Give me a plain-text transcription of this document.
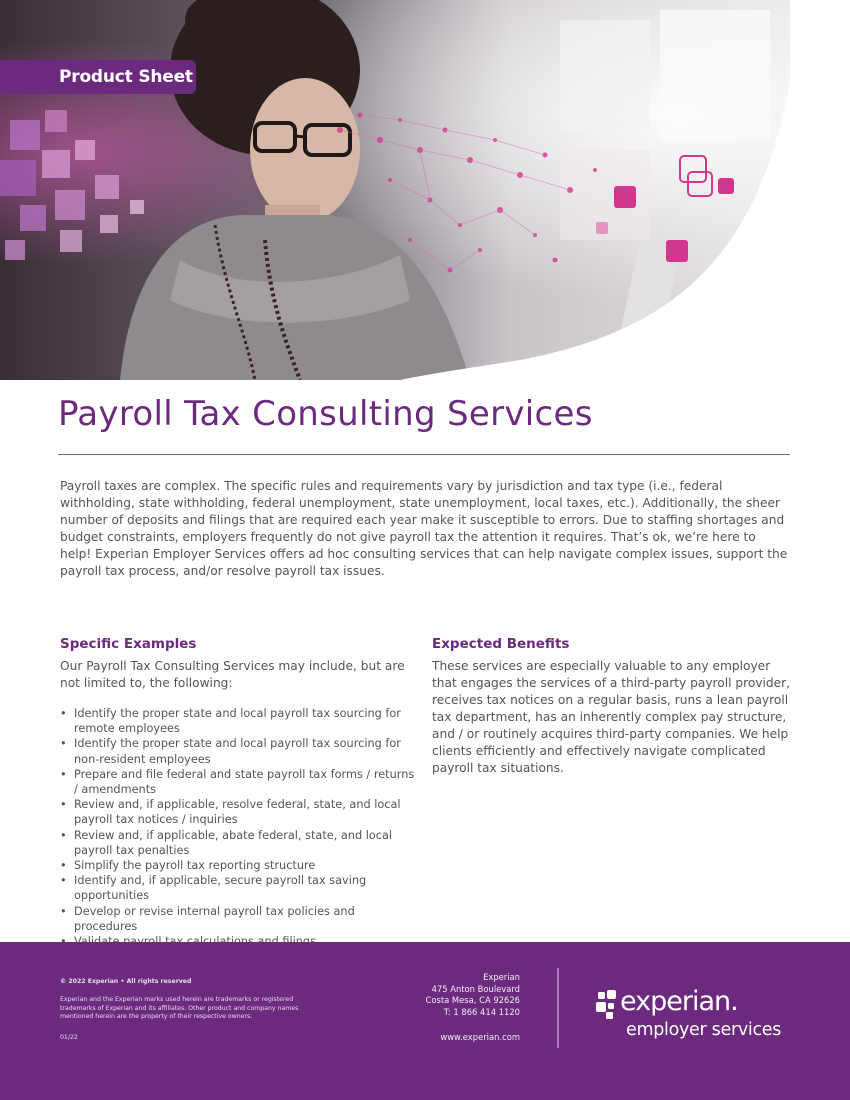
Product Sheet
Payroll Tax Consulting Services

Payroll taxes are complex. The specific rules and requirements vary by jurisdiction and tax type (i.e., federal withholding, state withholding, federal unemployment, state unemployment, local taxes, etc.). Additionally, the sheer number of deposits and filings that are required each year make it susceptible to errors. Due to staffing shortages and budget constraints, employers frequently do not give payroll tax the attention it requires. That’s ok, we’re here to help! Experian Employer Services offers ad hoc consulting services that can help navigate complex issues, support the payroll tax process, and/or resolve payroll tax issues.

Specific Examples

Our Payroll Tax Consulting Services may include, but are not limited to, the following:

• Identify the proper state and local payroll tax sourcing for remote employees
• Identify the proper state and local payroll tax sourcing for non-resident employees
• Prepare and file federal and state payroll tax forms / returns / amendments
• Review and, if applicable, resolve federal, state, and local payroll tax notices / inquiries
• Review and, if applicable, abate federal, state, and local payroll tax penalties
• Simplify the payroll tax reporting structure
• Identify and, if applicable, secure payroll tax saving opportunities
• Develop or revise internal payroll tax policies and procedures
•
Expected Benefits

These services are especially valuable to any employer that engages the services of a third-party payroll provider, receives tax notices on a regular basis, runs a lean payroll tax department, has an inherently complex pay structure, and / or routinely acquires third-party companies. We help clients efficiently and effectively navigate complicated payroll tax situations.

© 2022 Experian • All rights reserved
Experian and the Experian marks used herein are trademarks or registered trademarks of Experian and its affiliates. Other product and company names mentioned herein are the property of their respective owners.
01/22
Experian
475 Anton Boulevard
Costa Mesa, CA 92626
T: 1 866 414 1120
www.experian.com
experian.
employer services
